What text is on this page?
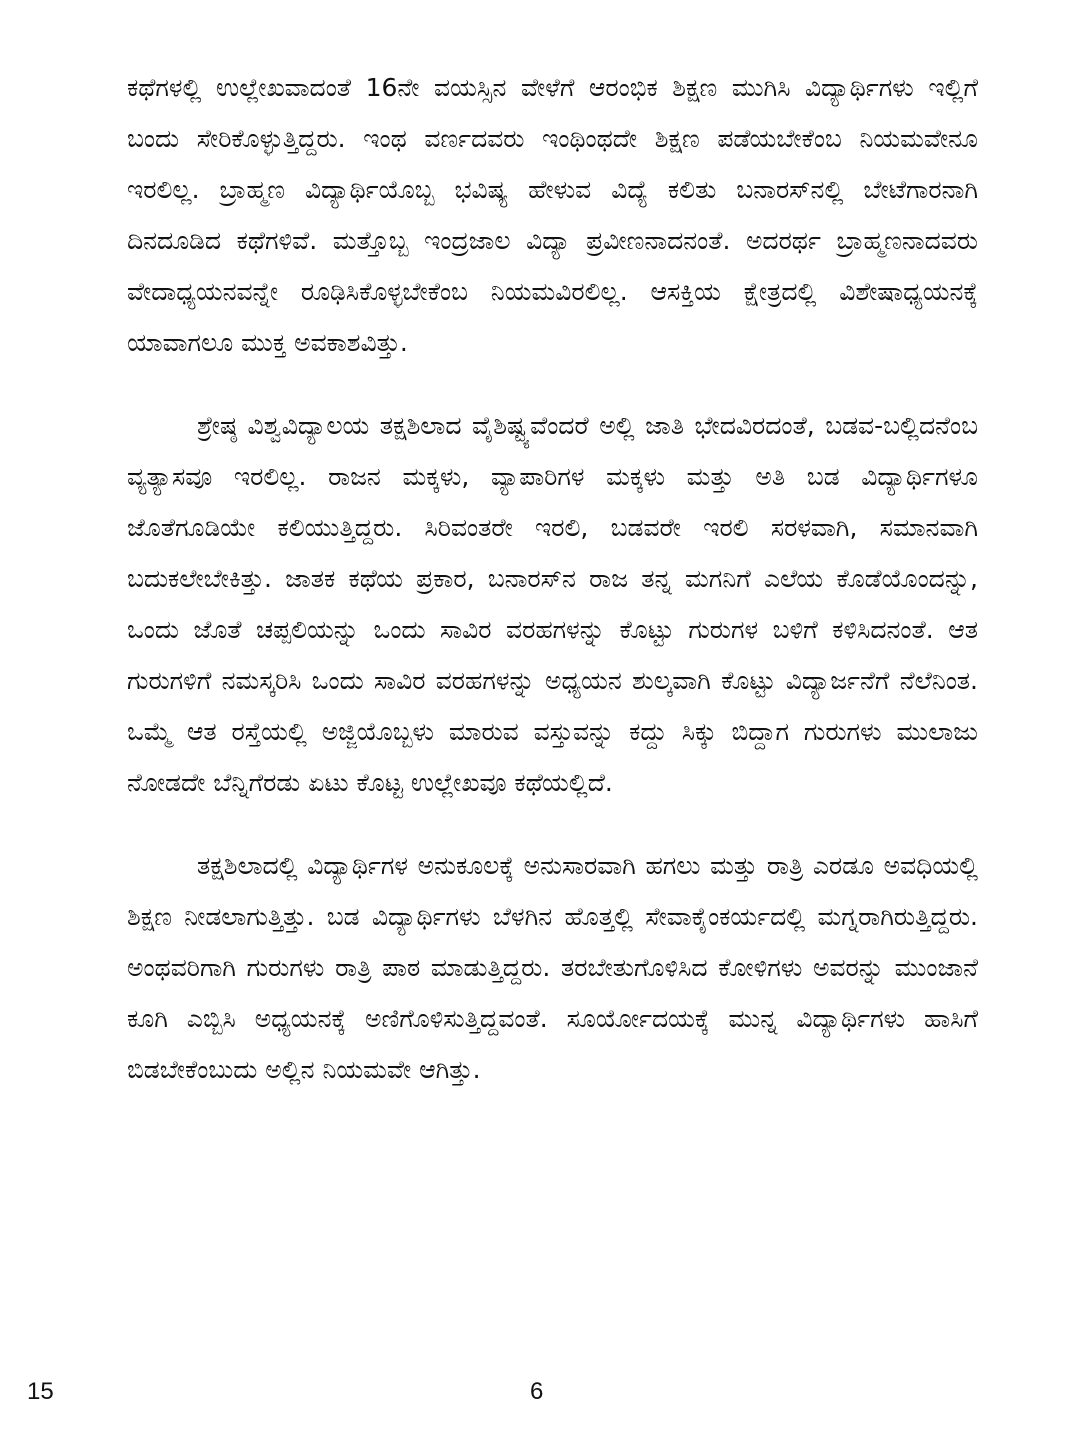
ಕಥೆಗಳಲ್ಲಿ ಉಲ್ಲೇಖವಾದಂತೆ 16ನೇ ವಯಸ್ಸಿನ ವೇಳೆಗೆ ಆರಂಭಿಕ ಶಿಕ್ಷಣ ಮುಗಿಸಿ ವಿದ್ಯಾರ್ಥಿಗಳು ಇಲ್ಲಿಗೆ ಬಂದು ಸೇರಿಕೊಳ್ಳುತ್ತಿದ್ದರು. ಇಂಥ ವರ್ಣದವರು ಇಂಥಿಂಥದೇ ಶಿಕ್ಷಣ ಪಡೆಯಬೇಕೆಂಬ ನಿಯಮವೇನೂ ಇರಲಿಲ್ಲ. ಬ್ರಾಹ್ಮಣ ವಿದ್ಯಾರ್ಥಿಯೊಬ್ಬ ಭವಿಷ್ಯ ಹೇಳುವ ವಿದ್ಯೆ ಕಲಿತು ಬನಾರಸ್‌ನಲ್ಲಿ ಬೇಟೆಗಾರನಾಗಿ ದಿನದೂಡಿದ ಕಥೆಗಳಿವೆ. ಮತ್ತೊಬ್ಬ ಇಂದ್ರಜಾಲ ವಿದ್ಯಾ ಪ್ರವೀಣನಾದನಂತೆ. ಅದರರ್ಥ ಬ್ರಾಹ್ಮಣನಾದವರು ವೇದಾಧ್ಯಯನವನ್ನೇ ರೂಢಿಸಿಕೊಳ್ಳಬೇಕೆಂಬ ನಿಯಮವಿರಲಿಲ್ಲ. ಆಸಕ್ತಿಯ ಕ್ಷೇತ್ರದಲ್ಲಿ ವಿಶೇಷಾಧ್ಯಯನಕ್ಕೆ ಯಾವಾಗಲೂ ಮುಕ್ತ ಅವಕಾಶವಿತ್ತು.

ಶ್ರೇಷ್ಠ ವಿಶ್ವವಿದ್ಯಾಲಯ ತಕ್ಷಶಿಲಾದ ವೈಶಿಷ್ಟ್ಯವೆಂದರೆ ಅಲ್ಲಿ ಜಾತಿ ಭೇದವಿರದಂತೆ, ಬಡವ-ಬಲ್ಲಿದನೆಂಬ ವ್ಯತ್ಯಾಸವೂ ಇರಲಿಲ್ಲ. ರಾಜನ ಮಕ್ಕಳು, ವ್ಯಾಪಾರಿಗಳ ಮಕ್ಕಳು ಮತ್ತು ಅತಿ ಬಡ ವಿದ್ಯಾರ್ಥಿಗಳೂ ಜೊತೆಗೂಡಿಯೇ ಕಲಿಯುತ್ತಿದ್ದರು. ಸಿರಿವಂತರೇ ಇರಲಿ, ಬಡವರೇ ಇರಲಿ ಸರಳವಾಗಿ, ಸಮಾನವಾಗಿ ಬದುಕಲೇಬೇಕಿತ್ತು. ಜಾತಕ ಕಥೆಯ ಪ್ರಕಾರ, ಬನಾರಸ್‌ನ ರಾಜ ತನ್ನ ಮಗನಿಗೆ ಎಲೆಯ ಕೊಡೆಯೊಂದನ್ನು, ಒಂದು ಜೊತೆ ಚಪ್ಪಲಿಯನ್ನು ಒಂದು ಸಾವಿರ ವರಹಗಳನ್ನು ಕೊಟ್ಟು ಗುರುಗಳ ಬಳಿಗೆ ಕಳಿಸಿದನಂತೆ. ಆತ ಗುರುಗಳಿಗೆ ನಮಸ್ಕರಿಸಿ ಒಂದು ಸಾವಿರ ವರಹಗಳನ್ನು ಅಧ್ಯಯನ ಶುಲ್ಕವಾಗಿ ಕೊಟ್ಟು ವಿದ್ಯಾರ್ಜನೆಗೆ ನೆಲೆನಿಂತ. ಒಮ್ಮೆ ಆತ ರಸ್ತೆಯಲ್ಲಿ ಅಜ್ಜಿಯೊಬ್ಬಳು ಮಾರುವ ವಸ್ತುವನ್ನು ಕದ್ದು ಸಿಕ್ಕು ಬಿದ್ದಾಗ ಗುರುಗಳು ಮುಲಾಜು ನೋಡದೇ ಬೆನ್ನಿಗೆರಡು ಏಟು ಕೊಟ್ಟ ಉಲ್ಲೇಖವೂ ಕಥೆಯಲ್ಲಿದೆ.

ತಕ್ಷಶಿಲಾದಲ್ಲಿ ವಿದ್ಯಾರ್ಥಿಗಳ ಅನುಕೂಲಕ್ಕೆ ಅನುಸಾರವಾಗಿ ಹಗಲು ಮತ್ತು ರಾತ್ರಿ ಎರಡೂ ಅವಧಿಯಲ್ಲಿ ಶಿಕ್ಷಣ ನೀಡಲಾಗುತ್ತಿತ್ತು. ಬಡ ವಿದ್ಯಾರ್ಥಿಗಳು ಬೆಳಗಿನ ಹೊತ್ತಲ್ಲಿ ಸೇವಾಕೈಂಕರ್ಯದಲ್ಲಿ ಮಗ್ನರಾಗಿರುತ್ತಿದ್ದರು. ಅಂಥವರಿಗಾಗಿ ಗುರುಗಳು ರಾತ್ರಿ ಪಾಠ ಮಾಡುತ್ತಿದ್ದರು. ತರಬೇತುಗೊಳಿಸಿದ ಕೋಳಿಗಳು ಅವರನ್ನು ಮುಂಜಾನೆ ಕೂಗಿ ಎಬ್ಬಿಸಿ ಅಧ್ಯಯನಕ್ಕೆ ಅಣಿಗೊಳಿಸುತ್ತಿದ್ದವಂತೆ. ಸೂರ್ಯೋದಯಕ್ಕೆ ಮುನ್ನ ವಿದ್ಯಾರ್ಥಿಗಳು ಹಾಸಿಗೆ ಬಿಡಬೇಕೆಂಬುದು ಅಲ್ಲಿನ ನಿಯಮವೇ ಆಗಿತ್ತು.

15	6
